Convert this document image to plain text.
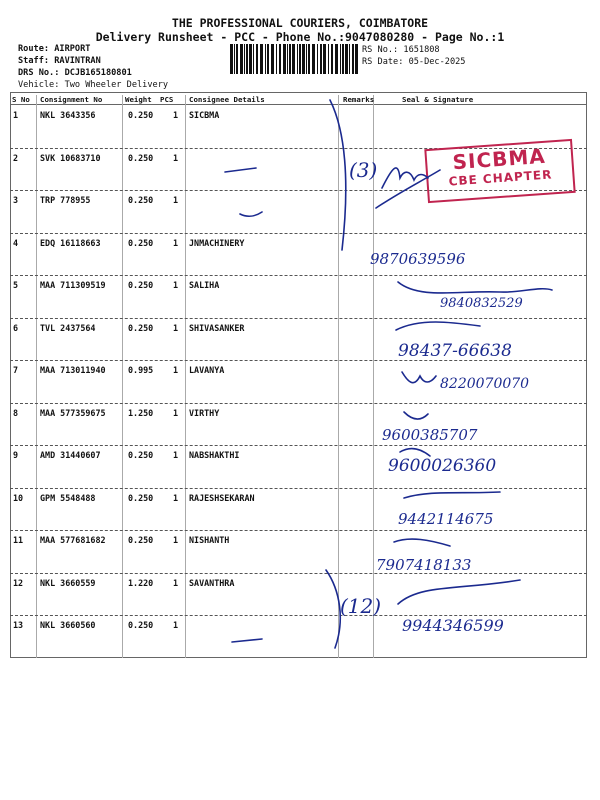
THE PROFESSIONAL COURIERS, COIMBATORE
Delivery Runsheet - PCC - Phone No.:9047080280 - Page No.:1
Route: AIRPORT
Staff: RAVINTRAN
DRS No.: DCJB165180801
Vehicle: Two Wheeler Delivery
RS No.: 1651808
RS Date: 05-Dec-2025
S No Consignment No	Weight PCS Consignee Details	Remarks	Seal & Signature
1	NKL 3643356	0.250 1 SICBMA
2	SVK 10683710	0.250 1
3	TRP 778955	0.250 1
4	EDQ 16118663	0.250 1 JNMACHINERY
5	MAA 711309519	0.250 1 SALIHA
6	TVL 2437564	0.250 1 SHIVASANKER
7	MAA 713011940	0.995 1 LAVANYA
8	MAA 577359675	1.250 1 VIRTHY
9	AMD 31440607	0.250 1 NABSHAKTHI
10 GPM 5548488	0.250 1 RAJESHSEKARAN
11 MAA 577681682	0.250 1 NISHANTH
12 NKL 3660559	1.220 1 SAVANTHRA
13 NKL 3660560	0.250 1
SICBMA
CBE CHAPTER
(3)
(12)
9870639596
9840832529
98437-66638
8220070070
9600385707
9600026360
9442114675
7907418133
9944346599
